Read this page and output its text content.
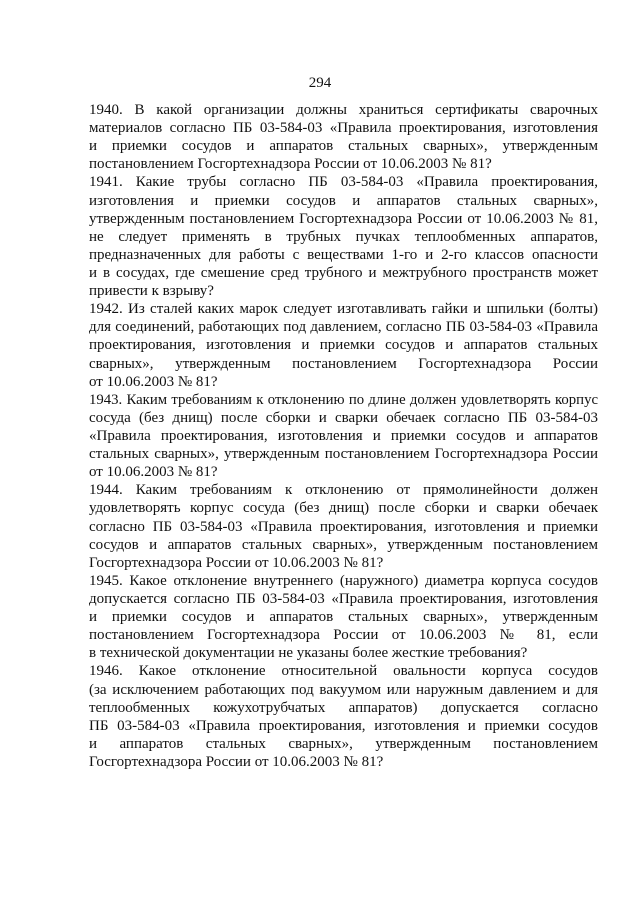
294
1940. В какой организации должны храниться сертификаты сварочных
материалов согласно ПБ 03-584-03 «Правила проектирования, изготовления
и приемки сосудов и аппаратов стальных сварных», утвержденным
постановлением Госгортехнадзора России от 10.06.2003 № 81?
1941. Какие трубы согласно ПБ 03-584-03 «Правила проектирования,
изготовления и приемки сосудов и аппаратов стальных сварных»,
утвержденным постановлением Госгортехнадзора России от 10.06.2003 № 81,
не следует применять в трубных пучках теплообменных аппаратов,
предназначенных для работы с веществами 1-го и 2-го классов опасности
и в сосудах, где смешение сред трубного и межтрубного пространств может
привести к взрыву?
1942. Из сталей каких марок следует изготавливать гайки и шпильки (болты)
для соединений, работающих под давлением, согласно ПБ 03-584-03 «Правила
проектирования, изготовления и приемки сосудов и аппаратов стальных
сварных», утвержденным постановлением Госгортехнадзора России
от 10.06.2003 № 81?
1943. Каким требованиям к отклонению по длине должен удовлетворять корпус
сосуда (без днищ) после сборки и сварки обечаек согласно ПБ 03-584-03
«Правила проектирования, изготовления и приемки сосудов и аппаратов
стальных сварных», утвержденным постановлением Госгортехнадзора России
от 10.06.2003 № 81?
1944. Каким требованиям к отклонению от прямолинейности должен
удовлетворять корпус сосуда (без днищ) после сборки и сварки обечаек
согласно ПБ 03-584-03 «Правила проектирования, изготовления и приемки
сосудов и аппаратов стальных сварных», утвержденным постановлением
Госгортехнадзора России от 10.06.2003 № 81?
1945. Какое отклонение внутреннего (наружного) диаметра корпуса сосудов
допускается согласно ПБ 03-584-03 «Правила проектирования, изготовления
и приемки сосудов и аппаратов стальных сварных», утвержденным
постановлением Госгортехнадзора России от 10.06.2003 № 81, если
в технической документации не указаны более жесткие требования?
1946. Какое отклонение относительной овальности корпуса сосудов
(за исключением работающих под вакуумом или наружным давлением и для
теплообменных кожухотрубчатых аппаратов) допускается согласно
ПБ 03-584-03 «Правила проектирования, изготовления и приемки сосудов
и аппаратов стальных сварных», утвержденным постановлением
Госгортехнадзора России от 10.06.2003 № 81?
